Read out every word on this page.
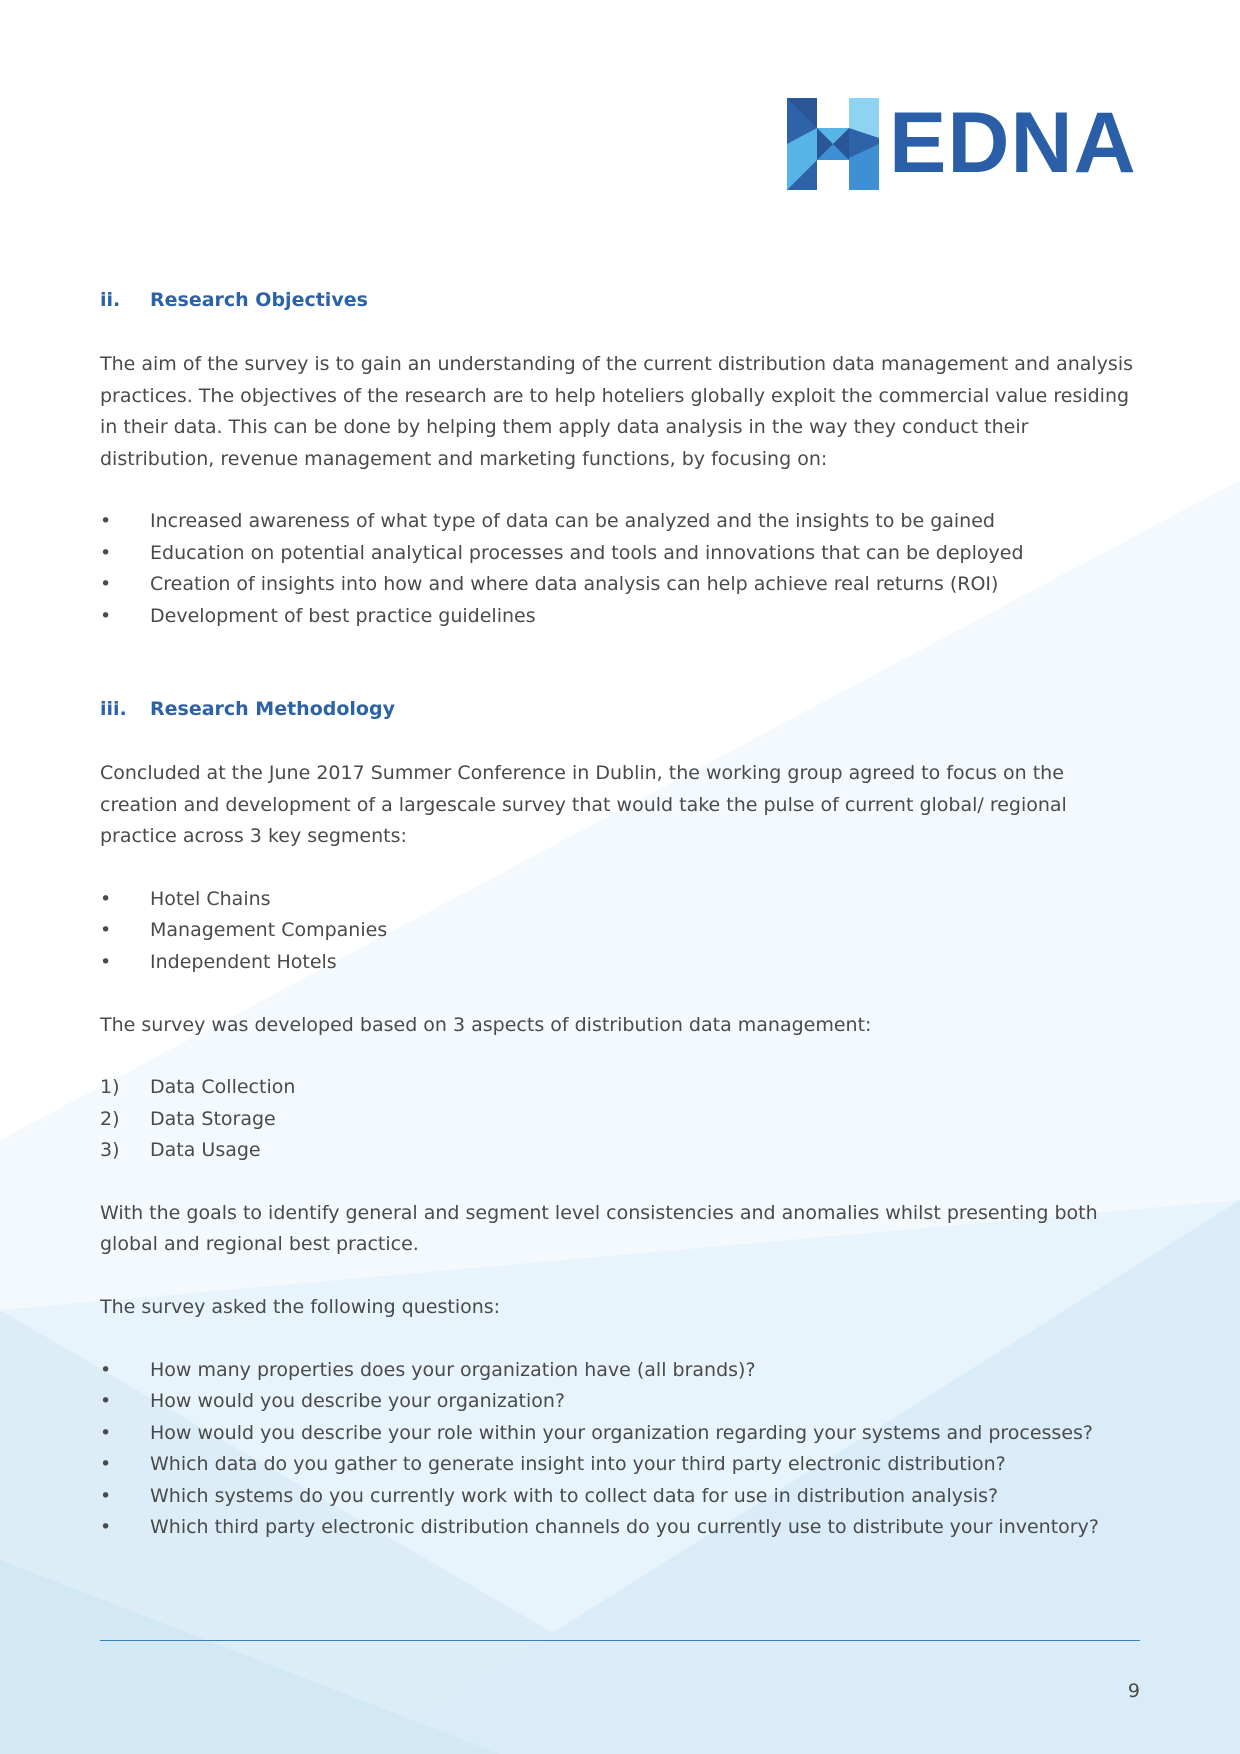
EDNA
ii.	Research Objectives

The aim of the survey is to gain an understanding of the current distribution data management and analysis practices. The objectives of the research are to help hoteliers globally exploit the commercial value residing in their data. This can be done by helping them apply data analysis in the way they conduct their distribution, revenue management and marketing functions, by focusing on:

•	Increased awareness of what type of data can be analyzed and the insights to be gained
•	Education on potential analytical processes and tools and innovations that can be deployed
•	Creation of insights into how and where data analysis can help achieve real returns (ROI)
•	Development of best practice guidelines
iii.	Research Methodology

Concluded at the June 2017 Summer Conference in Dublin, the working group agreed to focus on the creation and development of a largescale survey that would take the pulse of current global/ regional practice across 3 key segments:

•	Hotel Chains
•	Management Companies
•	Independent Hotels

The survey was developed based on 3 aspects of distribution data management:

1)	Data Collection
2)	Data Storage
3)	Data Usage

With the goals to identify general and segment level consistencies and anomalies whilst presenting both global and regional best practice.

The survey asked the following questions:

•	How many properties does your organization have (all brands)?
•	How would you describe your organization?
•	How would you describe your role within your organization regarding your systems and processes?
•	Which data do you gather to generate insight into your third party electronic distribution?
•	Which systems do you currently work with to collect data for use in distribution analysis?
•	Which third party electronic distribution channels do you currently use to distribute your inventory?
9
